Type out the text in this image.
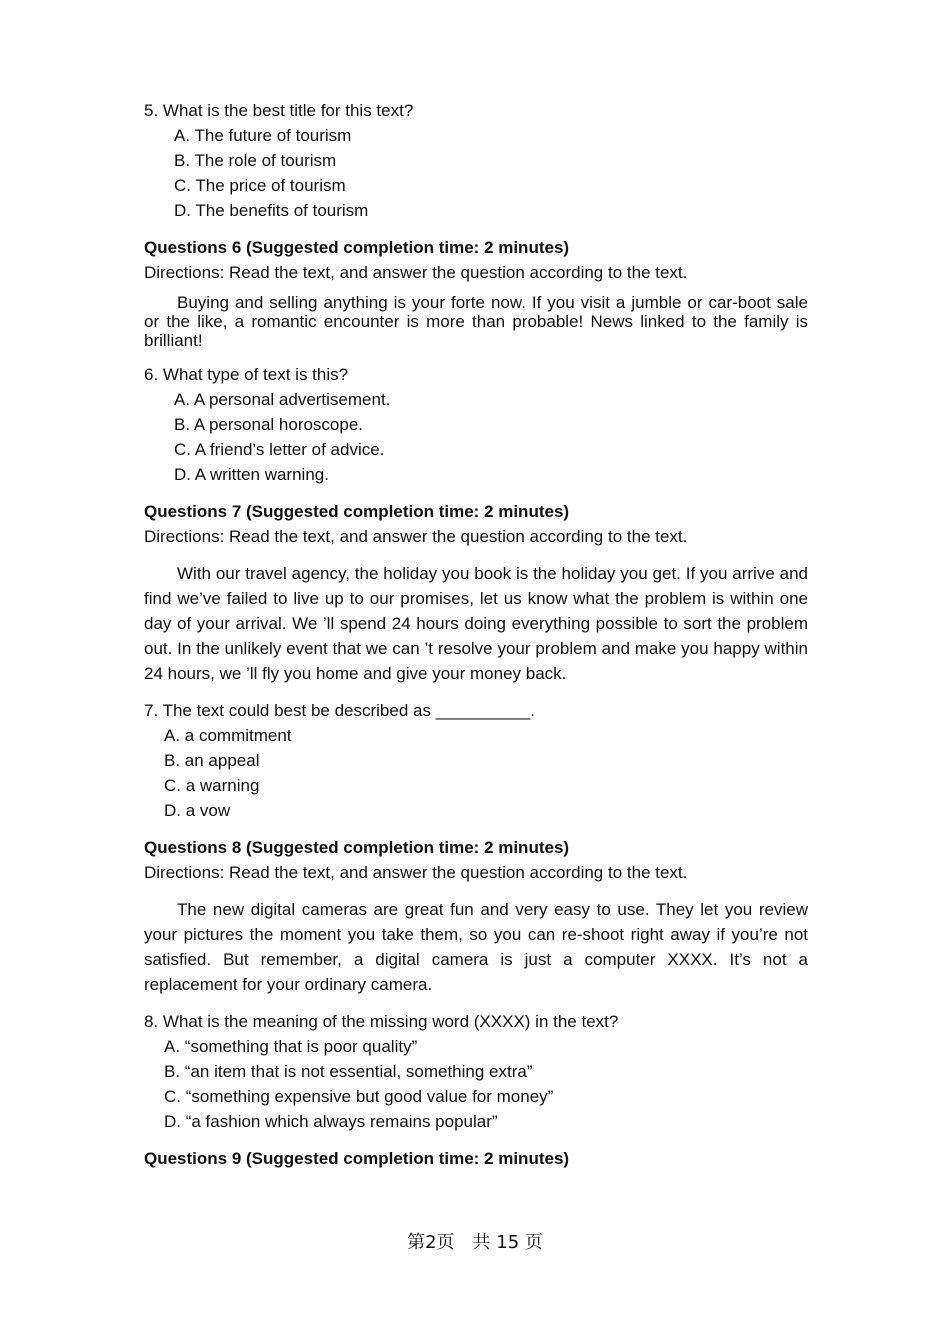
5. What is the best title for this text?
A. The future of tourism
B. The role of tourism
C. The price of tourism
D. The benefits of tourism
Questions 6 (Suggested completion time: 2 minutes)
Directions: Read the text, and answer the question according to the text.
Buying and selling anything is your forte now. If you visit a jumble or car-boot sale or the like, a romantic encounter is more than probable! News linked to the family is brilliant!
6. What type of text is this?
A. A personal advertisement.
B. A personal horoscope.
C. A friend’s letter of advice.
D. A written warning.
Questions 7 (Suggested completion time: 2 minutes)
Directions: Read the text, and answer the question according to the text.
With our travel agency, the holiday you book is the holiday you get. If you arrive and find we’ve failed to live up to our promises, let us know what the problem is within one day of your arrival. We ’ll spend 24 hours doing everything possible to sort the problem out. In the unlikely event that we can ’t resolve your problem and make you happy within 24 hours, we ’ll fly you home and give your money back.
7. The text could best be described as __________.
A. a commitment
B. an appeal
C. a warning
D. a vow
Questions 8 (Suggested completion time: 2 minutes)
Directions: Read the text, and answer the question according to the text.
The new digital cameras are great fun and very easy to use. They let you review your pictures the moment you take them, so you can re-shoot right away if you’re not satisfied. But remember, a digital camera is just a computer XXXX. It’s not a replacement for your ordinary camera.
8. What is the meaning of the missing word (XXXX) in the text?
A. “something that is poor quality”
B. “an item that is not essential, something extra”
C. “something expensive but good value for money”
D. “a fashion which always remains popular”
Questions 9 (Suggested completion time: 2 minutes)
第2页　共 15 页
